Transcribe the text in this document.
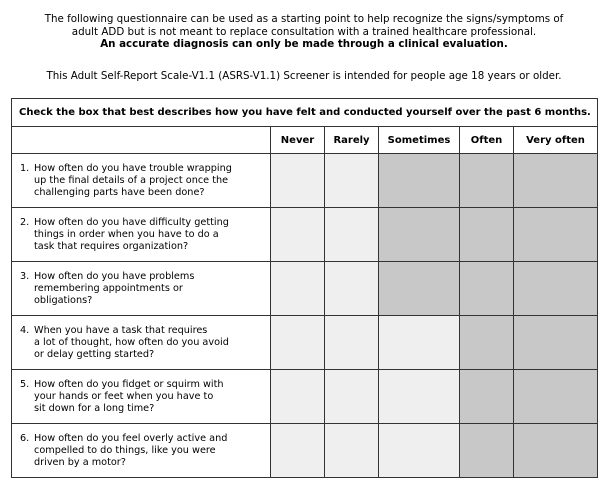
The following questionnaire can be used as a starting point to help recognize the signs/symptoms of
adult ADD but is not meant to replace consultation with a trained healthcare professional.
An accurate diagnosis can only be made through a clinical evaluation.
This Adult Self-Report Scale-V1.1 (ASRS-V1.1) Screener is intended for people age 18 years or older.
Check the box that best describes how you have felt and conducted yourself over the past 6 months.					
	Never	Rarely	Sometimes	Often	Very often
1. How often do you have trouble wrapping
up the final details of a project once the
challenging parts have been done?					

2. How often do you have difficulty getting
things in order when you have to do a
task that requires organization?					

3. How often do you have problems
remembering appointments or
obligations?					

4. When you have a task that requires
a lot of thought, how often do you avoid
or delay getting started?					

5. How often do you fidget or squirm with
your hands or feet when you have to
sit down for a long time?					

6. How often do you feel overly active and
compelled to do things, like you were
driven by a motor?					
